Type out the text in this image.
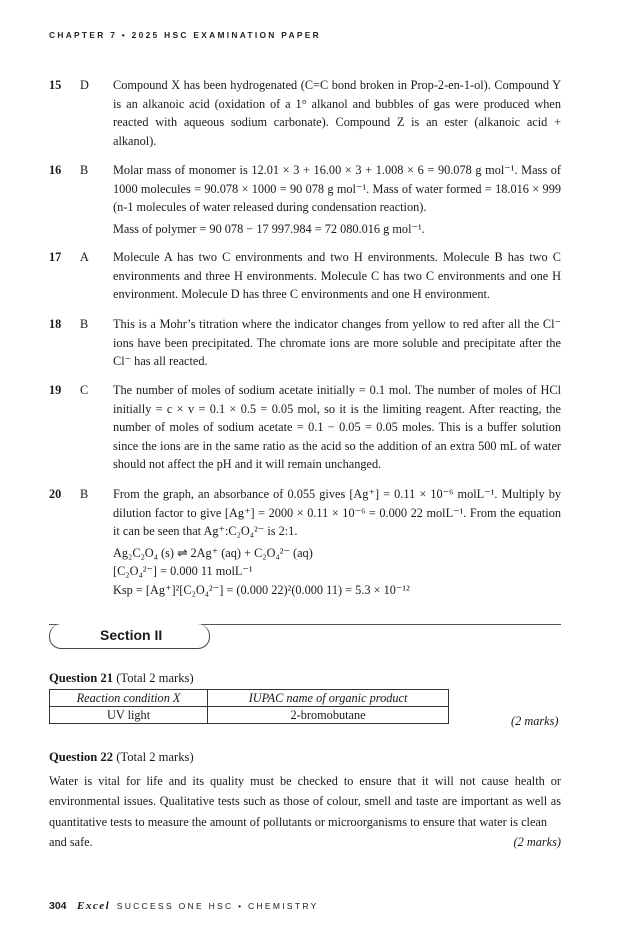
CHAPTER 7 • 2025 HSC EXAMINATION PAPER
15 D Compound X has been hydrogenated (C=C bond broken in Prop-2-en-1-ol). Compound Y is an alkanoic acid (oxidation of a 1° alkanol and bubbles of gas were produced when reacted with aqueous sodium carbonate). Compound Z is an ester (alkanoic acid + alkanol).

16 B Molar mass of monomer is 12.01 × 3 + 16.00 × 3 + 1.008 × 6 = 90.078 g mol⁻¹. Mass of 1000 molecules = 90.078 × 1000 = 90 078 g mol⁻¹. Mass of water formed = 18.016 × 999 (n-1 molecules of water released during condensation reaction).

Mass of polymer = 90 078 − 17 997.984 = 72 080.016 g mol⁻¹.

17 A Molecule A has two C environments and two H environments. Molecule B has two C environments and three H environments. Molecule C has two C environments and one H environment. Molecule D has three C environments and one H environment.

18 B This is a Mohr’s titration where the indicator changes from yellow to red after all the Cl⁻ ions have been precipitated. The chromate ions are more soluble and precipitate after the Cl⁻ has all reacted.

19 C The number of moles of sodium acetate initially = 0.1 mol. The number of moles of HCl initially = c × v = 0.1 × 0.5 = 0.05 mol, so it is the limiting reagent. After reacting, the number of moles of sodium acetate = 0.1 − 0.05 = 0.05 moles. This is a buffer solution since the ions are in the same ratio as the acid so the addition of an extra 500 mL of water should not affect the pH and it will remain unchanged.

20 B From the graph, an absorbance of 0.055 gives [Ag⁺] = 0.11 × 10⁻⁶ molL⁻¹. Multiply by dilution factor to give [Ag⁺] = 2000 × 0.11 × 10⁻⁶ = 0.000 22 molL⁻¹. From the equation it can be seen that Ag⁺:C₂O₄²⁻ is 2:1.

Ag₂C₂O₄ (s) ⇌ 2Ag⁺ (aq) + C₂O₄²⁻ (aq)

[C₂O₄²⁻] = 0.000 11 molL⁻¹

Ksp = [Ag⁺]²[C₂O₄²⁻] = (0.000 22)²(0.000 11) = 5.3 × 10⁻¹²

Section II
Question 21 (Total 2 marks)
Reaction condition X	IUPAC name of organic product
UV light	2-bromobutane	(2 marks)
Question 22 (Total 2 marks)
Water is vital for life and its quality must be checked to ensure that it will not cause health or environmental issues. Qualitative tests such as those of colour, smell and taste are important as well as quantitative tests to measure the amount of pollutants or microorganisms to ensure that water is clean
and safe.	(2 marks)
304 Excel SUCCESS ONE HSC • CHEMISTRY
